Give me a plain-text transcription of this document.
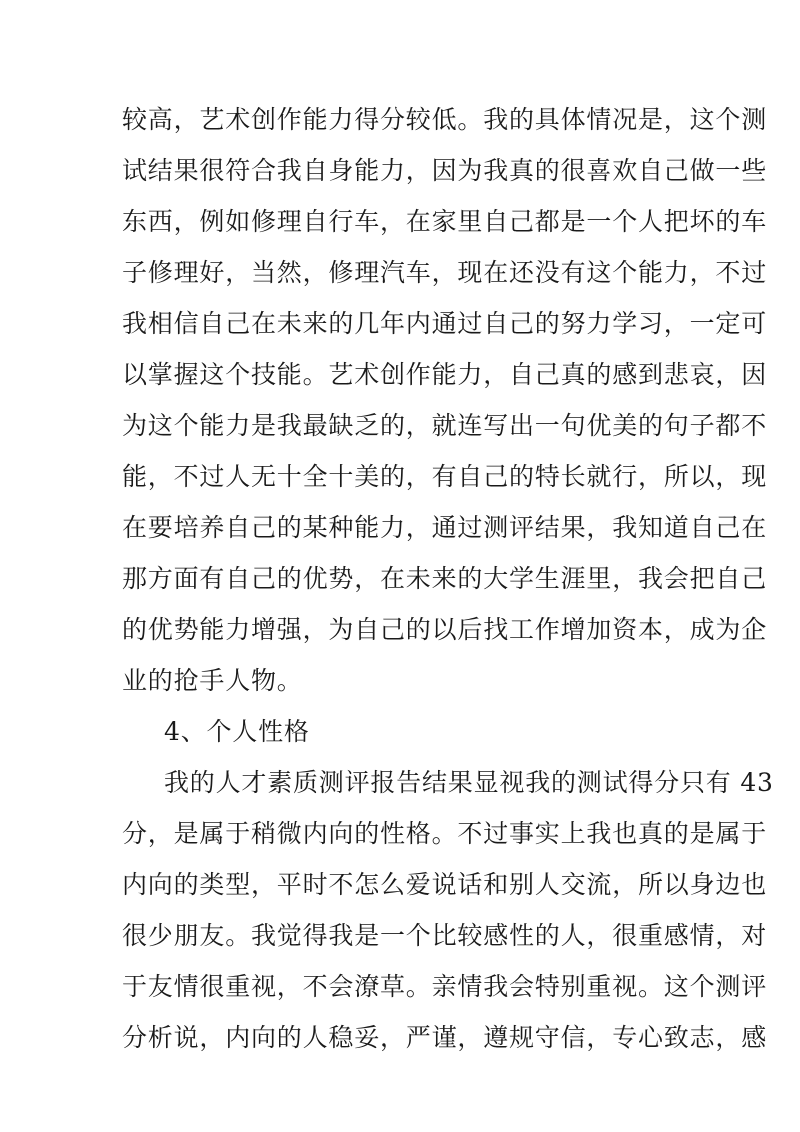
较高，艺术创作能力得分较低。我的具体情况是，这个测
试结果很符合我自身能力，因为我真的很喜欢自己做一些
东西，例如修理自行车，在家里自己都是一个人把坏的车
子修理好，当然，修理汽车，现在还没有这个能力，不过
我相信自己在未来的几年内通过自己的努力学习，一定可
以掌握这个技能。艺术创作能力，自己真的感到悲哀，因
为这个能力是我最缺乏的，就连写出一句优美的句子都不
能，不过人无十全十美的，有自己的特长就行，所以，现
在要培养自己的某种能力，通过测评结果，我知道自己在
那方面有自己的优势，在未来的大学生涯里，我会把自己
的优势能力增强，为自己的以后找工作增加资本，成为企
业的抢手人物。
4、个人性格
我的人才素质测评报告结果显视我的测试得分只有 43
分，是属于稍微内向的性格。不过事实上我也真的是属于
内向的类型，平时不怎么爱说话和别人交流，所以身边也
很少朋友。我觉得我是一个比较感性的人，很重感情，对
于友情很重视，不会潦草。亲情我会特别重视。这个测评
分析说，内向的人稳妥，严谨，遵规守信，专心致志，感
